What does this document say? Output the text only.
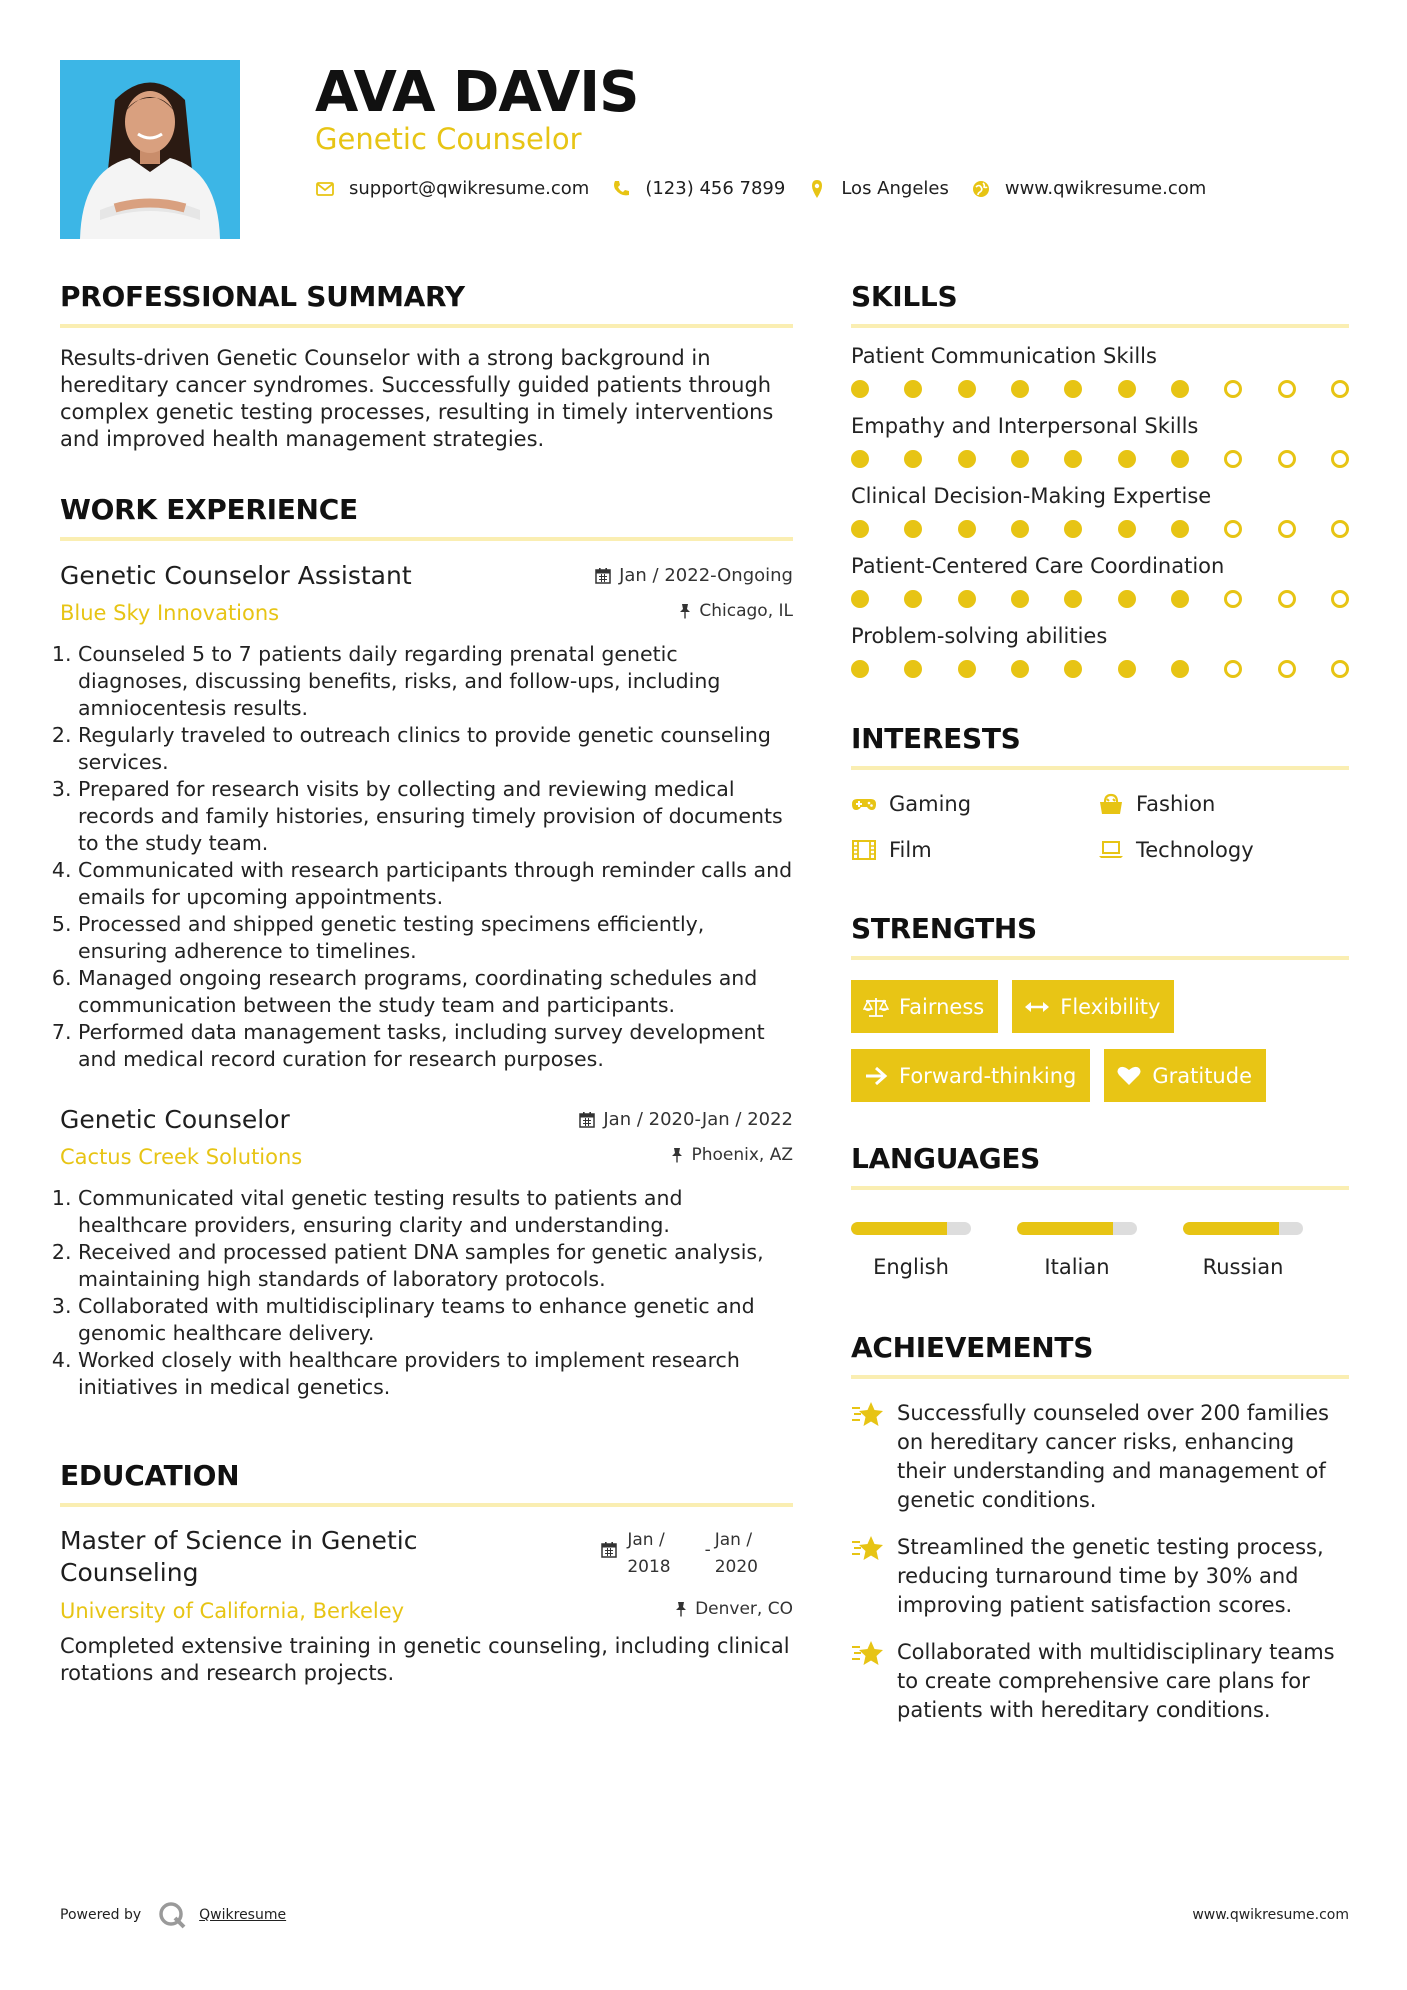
AVA DAVIS
Genetic Counselor
support@qwikresume.com	(123) 456 7899	Los Angeles	www.qwikresume.com
PROFESSIONAL SUMMARY

Results-driven Genetic Counselor with a strong background in hereditary cancer syndromes. Successfully guided patients through complex genetic testing processes, resulting in timely interventions and improved health management strategies.

WORK EXPERIENCE
Genetic Counselor Assistant	Jan / 2022-Ongoing
Blue Sky Innovations	Chicago, IL
1. Counseled 5 to 7 patients daily regarding prenatal genetic diagnoses, discussing benefits, risks, and follow-ups, including amniocentesis results.
2. Regularly traveled to outreach clinics to provide genetic counseling services.
3. Prepared for research visits by collecting and reviewing medical records and family histories, ensuring timely provision of documents to the study team.
4. Communicated with research participants through reminder calls and emails for upcoming appointments.
5. Processed and shipped genetic testing specimens efficiently, ensuring adherence to timelines.
6. Managed ongoing research programs, coordinating schedules and communication between the study team and participants.
7. Performed data management tasks, including survey development and medical record curation for research purposes.
Genetic Counselor	Jan / 2020-Jan / 2022
Cactus Creek Solutions	Phoenix, AZ
1. Communicated vital genetic testing results to patients and healthcare providers, ensuring clarity and understanding.
2. Received and processed patient DNA samples for genetic analysis, maintaining high standards of laboratory protocols.
3. Collaborated with multidisciplinary teams to enhance genetic and genomic healthcare delivery.
4. Worked closely with healthcare providers to implement research initiatives in medical genetics.
EDUCATION
Master of Science in Genetic
Counseling
Jan /
2018
- Jan /
2020
University of California, Berkeley	Denver, CO

Completed extensive training in genetic counseling, including clinical rotations and research projects.

SKILLS
Patient Communication Skills
Empathy and Interpersonal Skills
Clinical Decision-Making Expertise
Patient-Centered Care Coordination
Problem-solving abilities
INTERESTS
Gaming	Fashion
Film	Technology
STRENGTHS
Fairness	Flexibility
Forward-thinking	Gratitude
LANGUAGES
English	Italian	Russian
ACHIEVEMENTS
Successfully counseled over 200 families on hereditary cancer risks, enhancing their understanding and management of genetic conditions.
Streamlined the genetic testing process, reducing turnaround time by 30% and improving patient satisfaction scores.
Collaborated with multidisciplinary teams to create comprehensive care plans for patients with hereditary conditions.
Powered by	Qwikresume	www.qwikresume.com
